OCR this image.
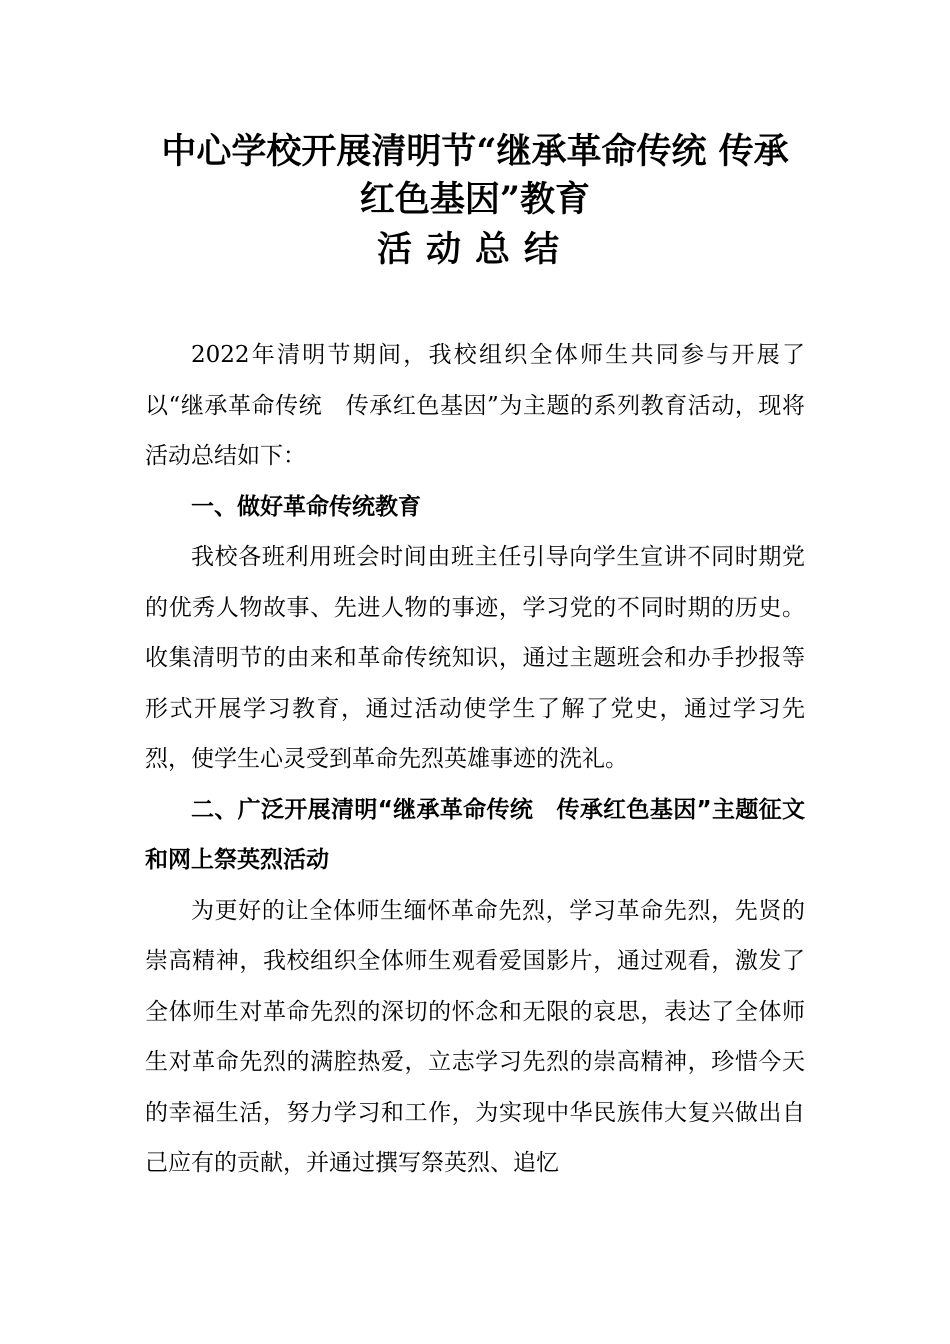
中心学校开展清明节“继承革命传统 传承
红色基因”教育
活动总结

2022年清明节期间，我校组织全体师生共同参与开展了以“继承革命传统　传承红色基因”为主题的系列教育活动，现将活动总结如下：

一、做好革命传统教育

我校各班利用班会时间由班主任引导向学生宣讲不同时期党的优秀人物故事、先进人物的事迹，学习党的不同时期的历史。收集清明节的由来和革命传统知识，通过主题班会和办手抄报等形式开展学习教育，通过活动使学生了解了党史，通过学习先烈，使学生心灵受到革命先烈英雄事迹的洗礼。

二、广泛开展清明“继承革命传统　传承红色基因”主题征文和网上祭英烈活动

为更好的让全体师生缅怀革命先烈，学习革命先烈，先贤的崇高精神，我校组织全体师生观看爱国影片，通过观看，激发了全体师生对革命先烈的深切的怀念和无限的哀思，表达了全体师生对革命先烈的满腔热爱，立志学习先烈的崇高精神，珍惜今天的幸福生活，努力学习和工作，为实现中华民族伟大复兴做出自己应有的贡献，并通过撰写祭英烈、追忆
